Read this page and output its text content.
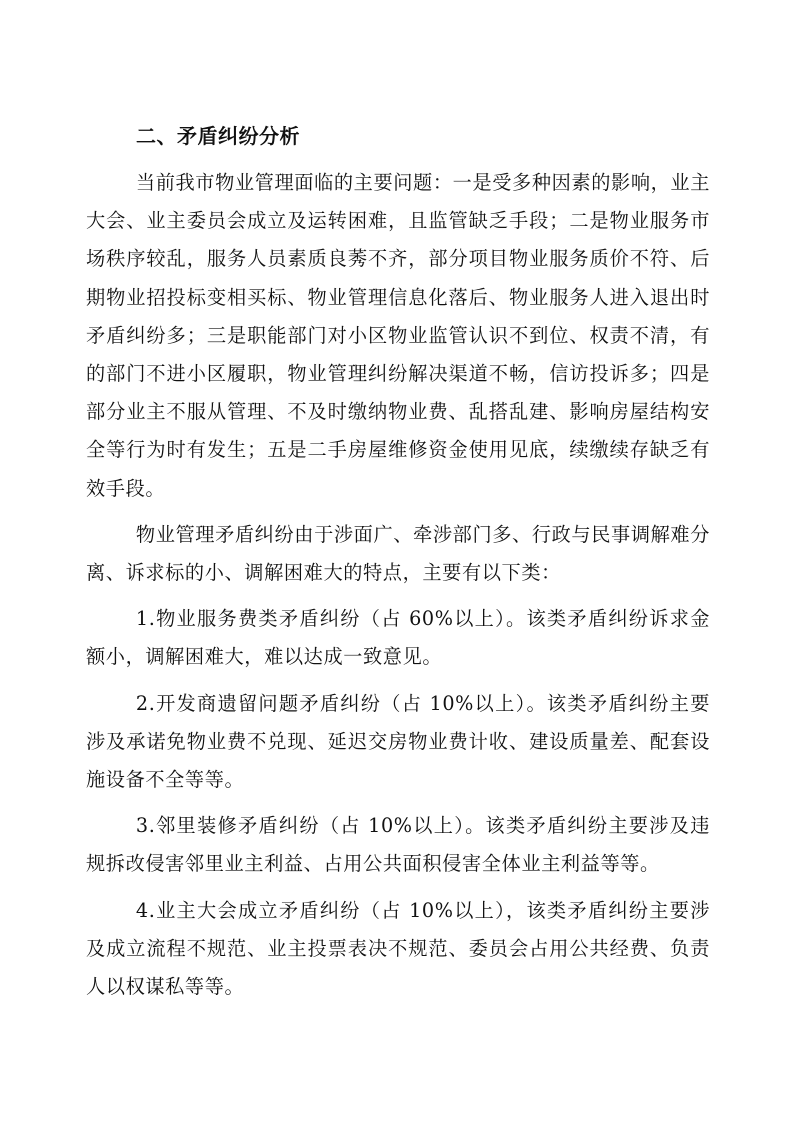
二、矛盾纠纷分析

当前我市物业管理面临的主要问题：一是受多种因素的影响，业主大会、业主委员会成立及运转困难，且监管缺乏手段；二是物业服务市场秩序较乱，服务人员素质良莠不齐，部分项目物业服务质价不符、后期物业招投标变相买标、物业管理信息化落后、物业服务人进入退出时矛盾纠纷多；三是职能部门对小区物业监管认识不到位、权责不清，有的部门不进小区履职，物业管理纠纷解决渠道不畅，信访投诉多；四是部分业主不服从管理、不及时缴纳物业费、乱搭乱建、影响房屋结构安全等行为时有发生；五是二手房屋维修资金使用见底，续缴续存缺乏有效手段。

物业管理矛盾纠纷由于涉面广、牵涉部门多、行政与民事调解难分离、诉求标的小、调解困难大的特点，主要有以下类：

1.物业服务费类矛盾纠纷（占 60%以上）。该类矛盾纠纷诉求金额小，调解困难大，难以达成一致意见。

2.开发商遗留问题矛盾纠纷（占 10%以上）。该类矛盾纠纷主要涉及承诺免物业费不兑现、延迟交房物业费计收、建设质量差、配套设施设备不全等等。

3.邻里装修矛盾纠纷（占 10%以上）。该类矛盾纠纷主要涉及违规拆改侵害邻里业主利益、占用公共面积侵害全体业主利益等等。

4.业主大会成立矛盾纠纷（占 10%以上），该类矛盾纠纷主要涉及成立流程不规范、业主投票表决不规范、委员会占用公共经费、负责人以权谋私等等。
